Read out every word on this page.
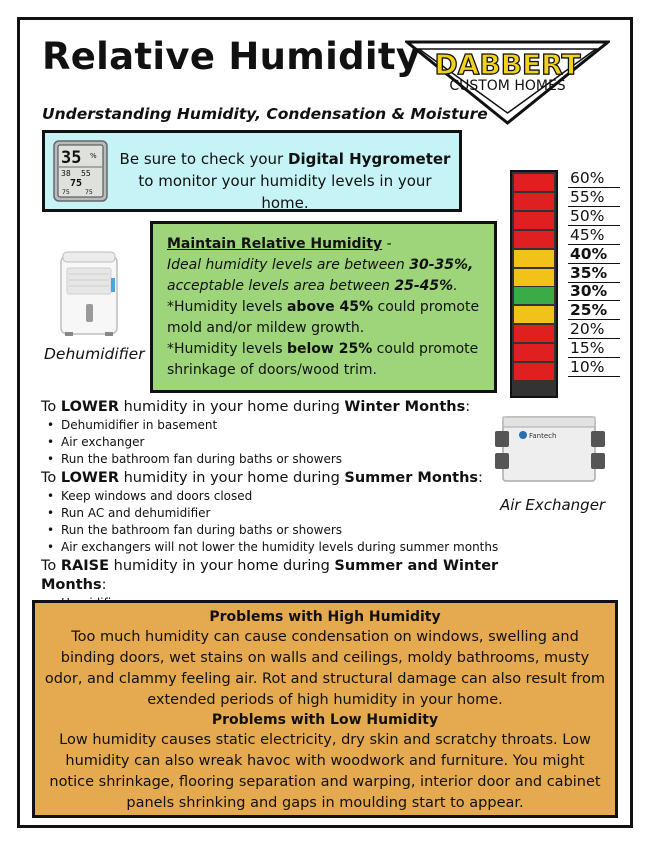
Relative Humidity
Understanding Humidity, Condensation & Moisture
DABBERT
CUSTOM HOMES
35 %
38 55
75
75 75
Be sure to check your Digital Hygrometer to monitor your humidity levels in your home.
60%
55%
50%
45%
40%
35%
30%
25%
20%
15%
10%
Dehumidifier
Maintain Relative Humidity -
Ideal humidity levels are between 30-35%,
acceptable levels area between 25-45%.
*Humidity levels above 45% could promote
mold and/or mildew growth.
*Humidity levels below 25% could promote
shrinkage of doors/wood trim.
To LOWER humidity in your home during Winter Months:
• Dehumidifier in basement
• Air exchanger
• Run the bathroom fan during baths or showers
To LOWER humidity in your home during Summer Months:
• Keep windows and doors closed
• Run AC and dehumidifier
• Run the bathroom fan during baths or showers
• Air exchangers will not lower the humidity levels during summer months
To RAISE humidity in your home during Summer and Winter Months:
•
Fantech
Air Exchanger
Problems with High Humidity

Too much humidity can cause condensation on windows, swelling and binding doors, wet stains on walls and ceilings, moldy bathrooms, musty odor, and clammy feeling air. Rot and structural damage can also result from extended periods of high humidity in your home.

Problems with Low Humidity

Low humidity causes static electricity, dry skin and scratchy throats. Low humidity can also wreak havoc with woodwork and furniture. You might notice shrinkage, flooring separation and warping, interior door and cabinet panels shrinking and gaps in moulding start to appear.
